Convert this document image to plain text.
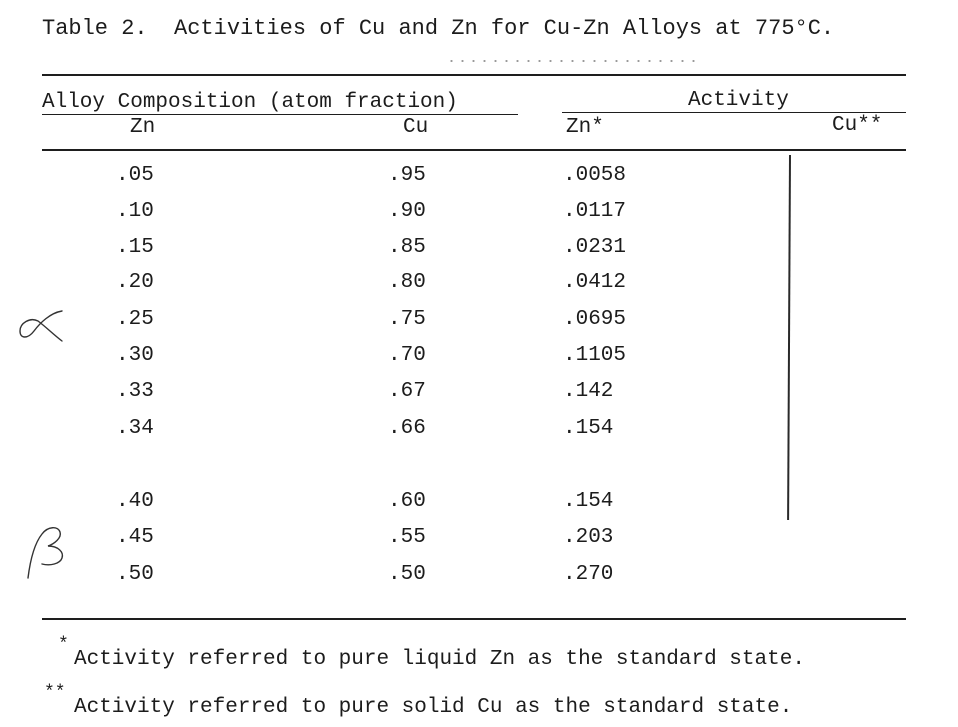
Table 2.  Activities of Cu and Zn for Cu-Zn Alloys at 775°C.
Alloy Composition (atom fraction)	Activity
Zn	Cu	Zn*	Cu**
.05	.95	.0058
.10	.90	.0117
.15	.85	.0231
.20	.80	.0412
.25	.75	.0695
.30	.70	.1105
.33	.67	.142
.34	.66	.154
.40	.60	.154
.45	.55	.203
.50	.50	.270
*
Activity referred to pure liquid Zn as the standard state.
**
Activity referred to pure solid Cu as the standard state.
